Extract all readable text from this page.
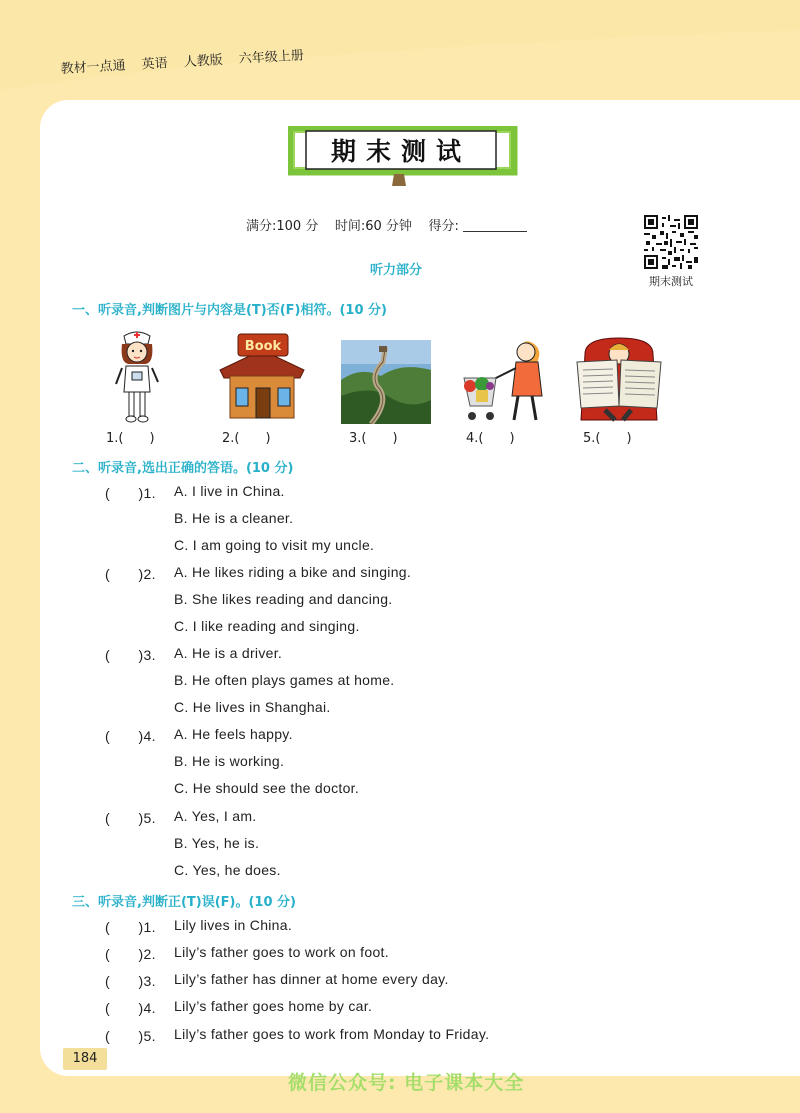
教材一点通 英语 人教版 六年级上册
期末测试
满分:100 分 时间:60 分钟 得分:
期末测试
听力部分
一、听录音,判断图片与内容是(T)否(F)相符。(10 分)
Book
1.(　　)	2.(　　)	3.(　　)	4.(　　)	5.(　　)
二、听录音,选出正确的答语。(10 分)
(　　)1. A. I live in China.
B. He is a cleaner.
C. I am going to visit my uncle.
(　　)2. A. He likes riding a bike and singing.
B. She likes reading and dancing.
C. I like reading and singing.
(　　)3. A. He is a driver.
B. He often plays games at home.
C. He lives in Shanghai.
(　　)4. A. He feels happy.
B. He is working.
C. He should see the doctor.
(　　)5. A. Yes, I am.
B. Yes, he is.
C. Yes, he does.
三、听录音,判断正(T)误(F)。(10 分)
(　　)1. Lily lives in China.
(　　)2. Lily’s father goes to work on foot.
(　　)3. Lily’s father has dinner at home every day.
(　　)4. Lily’s father goes home by car.
(　　)5. Lily’s father goes to work from Monday to Friday.
184
微信公众号: 电子课本大全
